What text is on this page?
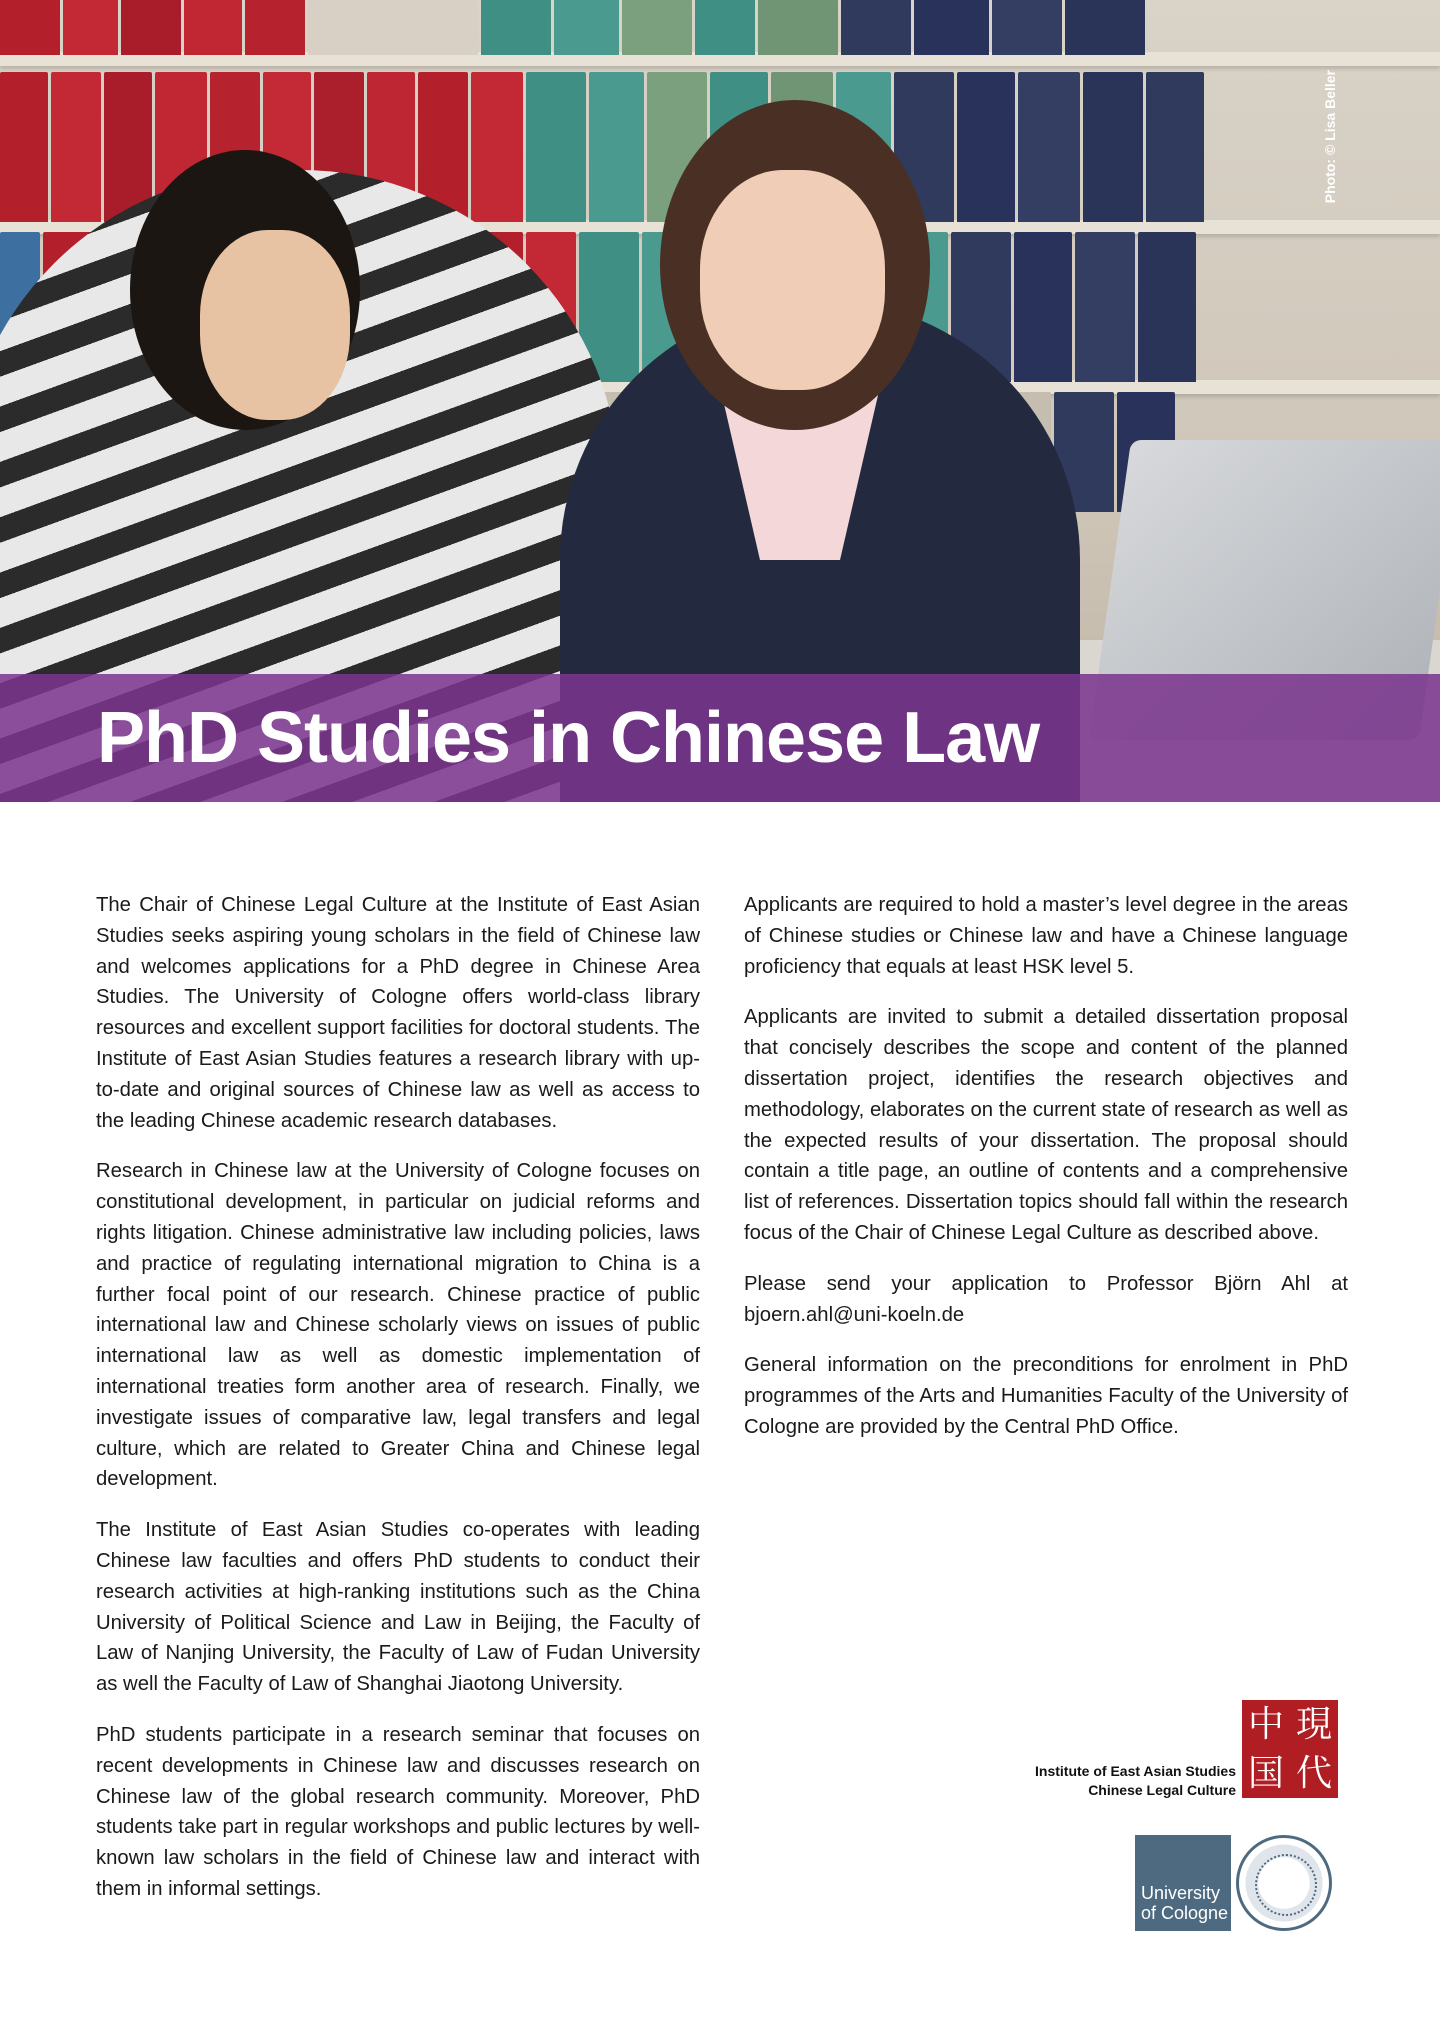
Photo: © Lisa Beller
PhD Studies in Chinese Law

The Chair of Chinese Legal Culture at the Institute of East Asian Studies seeks aspiring young scholars in the field of Chinese law and welcomes applications for a PhD degree in Chinese Area Studies. The University of Cologne offers world-class library resources and excellent support facilities for doctoral students. The Institute of East Asian Studies features a research library with up-to-date and original sources of Chinese law as well as access to the leading Chinese academic research databases.

Research in Chinese law at the University of Cologne focuses on constitutional development, in particular on judicial reforms and rights litigation. Chinese administrative law including policies, laws and practice of regulating international migration to China is a further focal point of our research. Chinese practice of public international law and Chinese scholarly views on issues of public international law as well as domestic implementation of international treaties form another area of research. Finally, we investigate issues of comparative law, legal transfers and legal culture, which are related to Greater China and Chinese legal development.

The Institute of East Asian Studies co-operates with leading Chinese law faculties and offers PhD students to conduct their research activities at high-ranking institutions such as the China University of Political Science and Law in Beijing, the Faculty of Law of Nanjing University, the Faculty of Law of Fudan University as well the Faculty of Law of Shanghai Jiaotong University.

PhD students participate in a research seminar that focuses on recent developments in Chinese law and discusses research on Chinese law of the global research community. Moreover, PhD students take part in regular workshops and public lectures by well-known law scholars in the field of Chinese law and interact with them in informal settings.

Applicants are required to hold a master’s level degree in the areas of Chinese studies or Chinese law and have a Chinese language proficiency that equals at least HSK level 5.

Applicants are invited to submit a detailed dissertation proposal that concisely describes the scope and content of the planned dissertation project, identifies the research objectives and methodology, elaborates on the current state of research as well as the expected results of your dissertation. The proposal should contain a title page, an outline of contents and a comprehensive list of references. Dissertation topics should fall within the research focus of the Chair of Chinese Legal Culture as described above.

Please send your application to Professor Björn Ahl at bjoern.ahl@uni-koeln.de

General information on the preconditions for enrolment in PhD programmes of the Arts and Humanities Faculty of the University of Cologne are provided by the Central PhD Office.

Institute of East Asian Studies
Chinese Legal Culture
中 現
国 代
University
of Cologne
